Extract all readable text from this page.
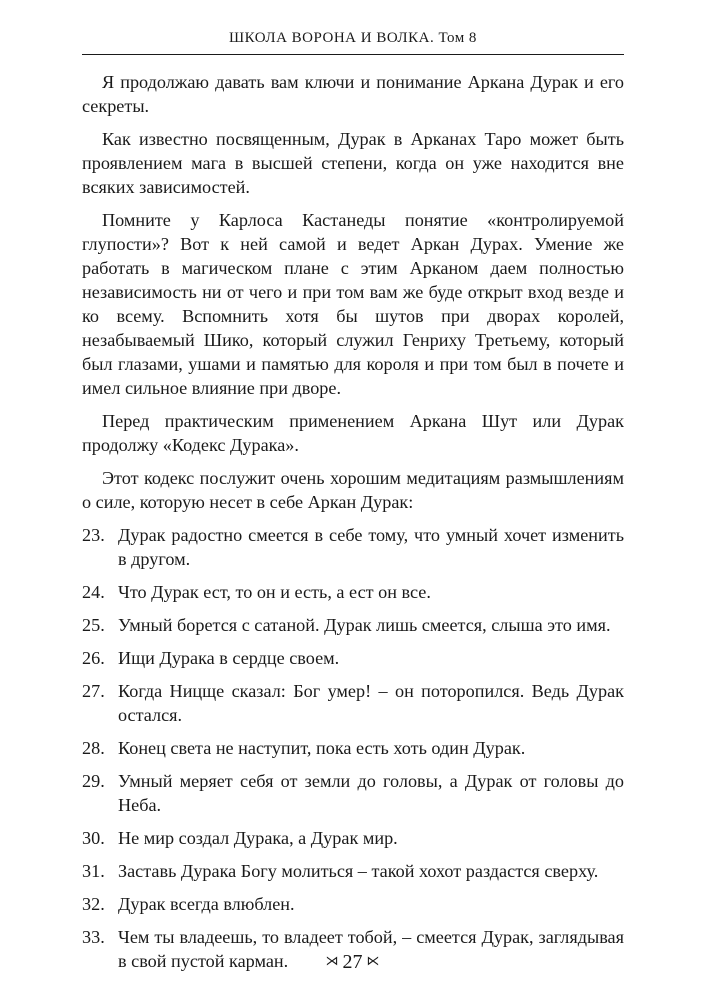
ШКОЛА ВОРОНА И ВОЛКА. Том 8

Я продолжаю давать вам ключи и понимание Аркана Дурак и его секреты.

Как известно посвященным, Дурак в Арканах Таро может быть проявлением мага в высшей степени, когда он уже находится вне всяких зависимостей.

Помните у Карлоса Кастанеды понятие «контролируемой глупости»? Вот к ней самой и ведет Аркан Дурах. Умение же работать в магическом плане с этим Арканом даем полностью независимость ни от чего и при том вам же буде открыт вход везде и ко всему. Вспомнить хотя бы шутов при дворах королей, незабываемый Шико, который служил Генриху Третьему, который был глазами, ушами и памятью для короля и при том был в почете и имел сильное влияние при дворе.

Перед практическим применением Аркана Шут или Дурак продолжу «Кодекс Дурака».

Этот кодекс послужит очень хорошим медитациям размышлениям о силе, которую несет в себе Аркан Дурак:

23. Дурак радостно смеется в себе тому, что умный хочет изменить в другом.
24. Что Дурак ест, то он и есть, а ест он все.
25. Умный борется с сатаной. Дурак лишь смеется, слыша это имя.
26. Ищи Дурака в сердце своем.
27. Когда Ницще сказал: Бог умер! – он поторопился. Ведь Дурак остался.
28. Конец света не наступит, пока есть хоть один Дурак.
29. Умный меряет себя от земли до головы, а Дурак от головы до Неба.
30. Не мир создал Дурака, а Дурак мир.
31. Заставь Дурака Богу молиться – такой хохот раздастся сверху.
32. Дурак всегда влюблен.
33. Чем ты владеешь, то владеет тобой, – смеется Дурак, заглядывая в свой пустой карман.	⋊ 27 ⋉
